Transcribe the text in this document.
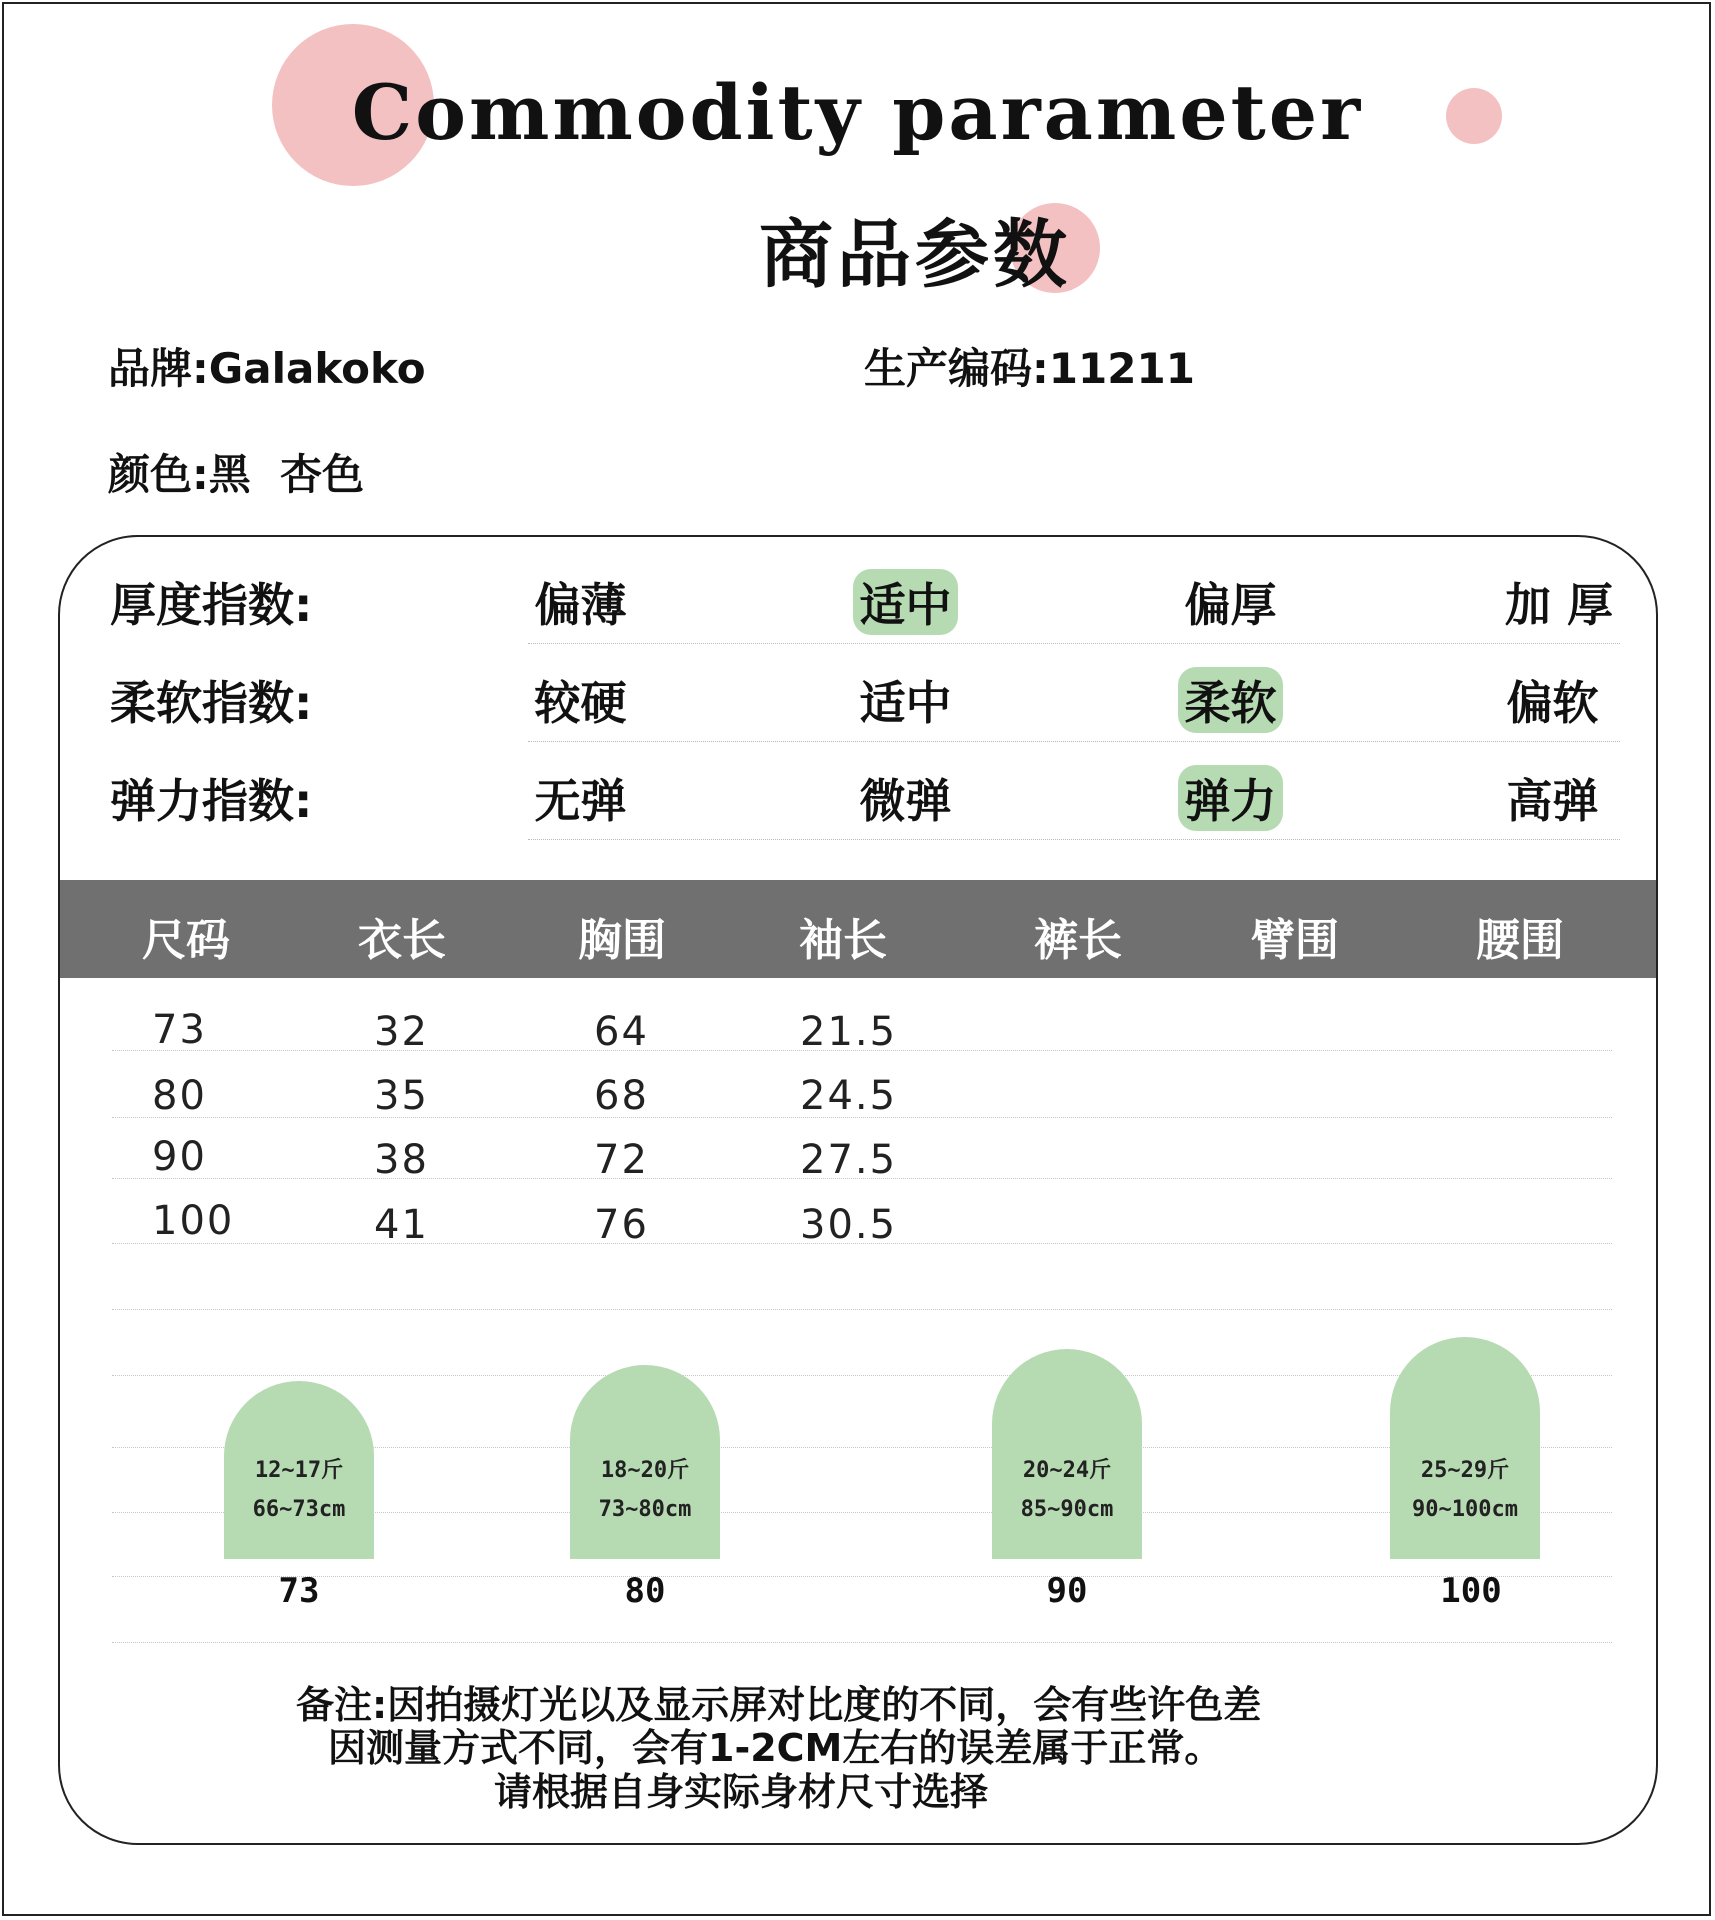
Commodity parameter
商品参数
品牌:Galakoko	生产编码:11211
颜色:黑  杏色
厚度指数:	偏薄	适中	偏厚	加 厚
柔软指数:	较硬	适中	柔软	偏软
弹力指数:	无弹	微弹	弹力	高弹
尺码	衣长	胸围	袖长	裤长	臂围	腰围
73	32	64	21.5
80	35	68	24.5
90	38	72	27.5
100	41	76	30.5
12~17斤
66~73cm
73
18~20斤
73~80cm
80
20~24斤
85~90cm
90
25~29斤
90~100cm
100
备注:因拍摄灯光以及显示屏对比度的不同，会有些许色差
因测量方式不同，会有1-2CM左右的误差属于正常。
请根据自身实际身材尺寸选择
